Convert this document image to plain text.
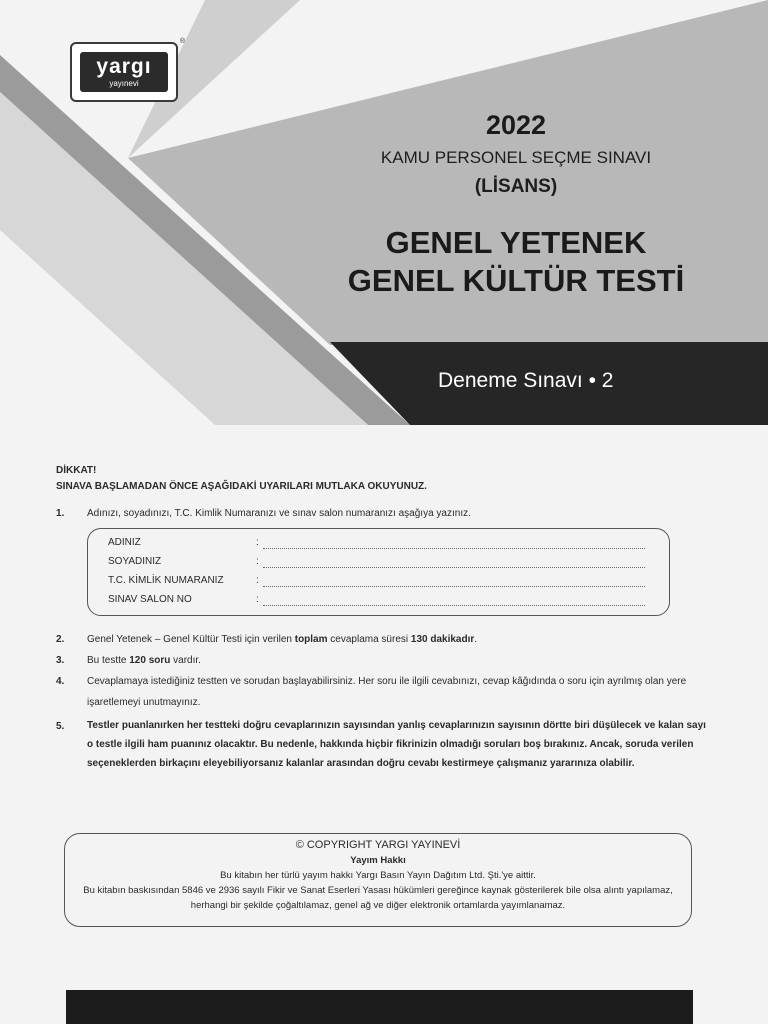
®
yargı
yayınevi
2022
KAMU PERSONEL SEÇME SINAVI
(LİSANS)
GENEL YETENEK
GENEL KÜLTÜR TESTİ
Deneme Sınavı • 2
DİKKAT!
SINAVA BAŞLAMADAN ÖNCE AŞAĞIDAKİ UYARILARI MUTLAKA OKUYUNUZ.
1. Adınızı, soyadınızı, T.C. Kimlik Numaranızı ve sınav salon numaranızı aşağıya yazınız.
ADINIZ	:
SOYADINIZ	:
T.C. KİMLİK NUMARANIZ	:
SINAV SALON NO	:
2. Genel Yetenek – Genel Kültür Testi için verilen toplam cevaplama süresi 130 dakikadır.
3. Bu testte 120 soru vardır.
4. Cevaplamaya istediğiniz testten ve sorudan başlayabilirsiniz. Her soru ile ilgili cevabınızı, cevap kâğıdında o soru için ayrılmış olan yere işaretlemeyi unutmayınız.
5. Testler puanlanırken her testteki doğru cevaplarınızın sayısından yanlış cevaplarınızın sayısının dörtte biri düşülecek ve kalan sayı o testle ilgili ham puanınız olacaktır. Bu nedenle, hakkında hiçbir fikrinizin olmadığı soruları boş bırakınız. Ancak, soruda verilen seçeneklerden birkaçını eleyebiliyorsanız kalanlar arasından doğru cevabı kestirmeye çalışmanız yararınıza olabilir.
© COPYRIGHT YARGI YAYINEVİ
Yayım Hakkı
Bu kitabın her türlü yayım hakkı Yargı Basın Yayın Dağıtım Ltd. Şti.'ye aittir.
Bu kitabın baskısından 5846 ve 2936 sayılı Fikir ve Sanat Eserleri Yasası hükümleri gereğince kaynak gösterilerek bile olsa alıntı yapılamaz, herhangi bir şekilde çoğaltılamaz, genel ağ ve diğer elektronik ortamlarda yayımlanamaz.
